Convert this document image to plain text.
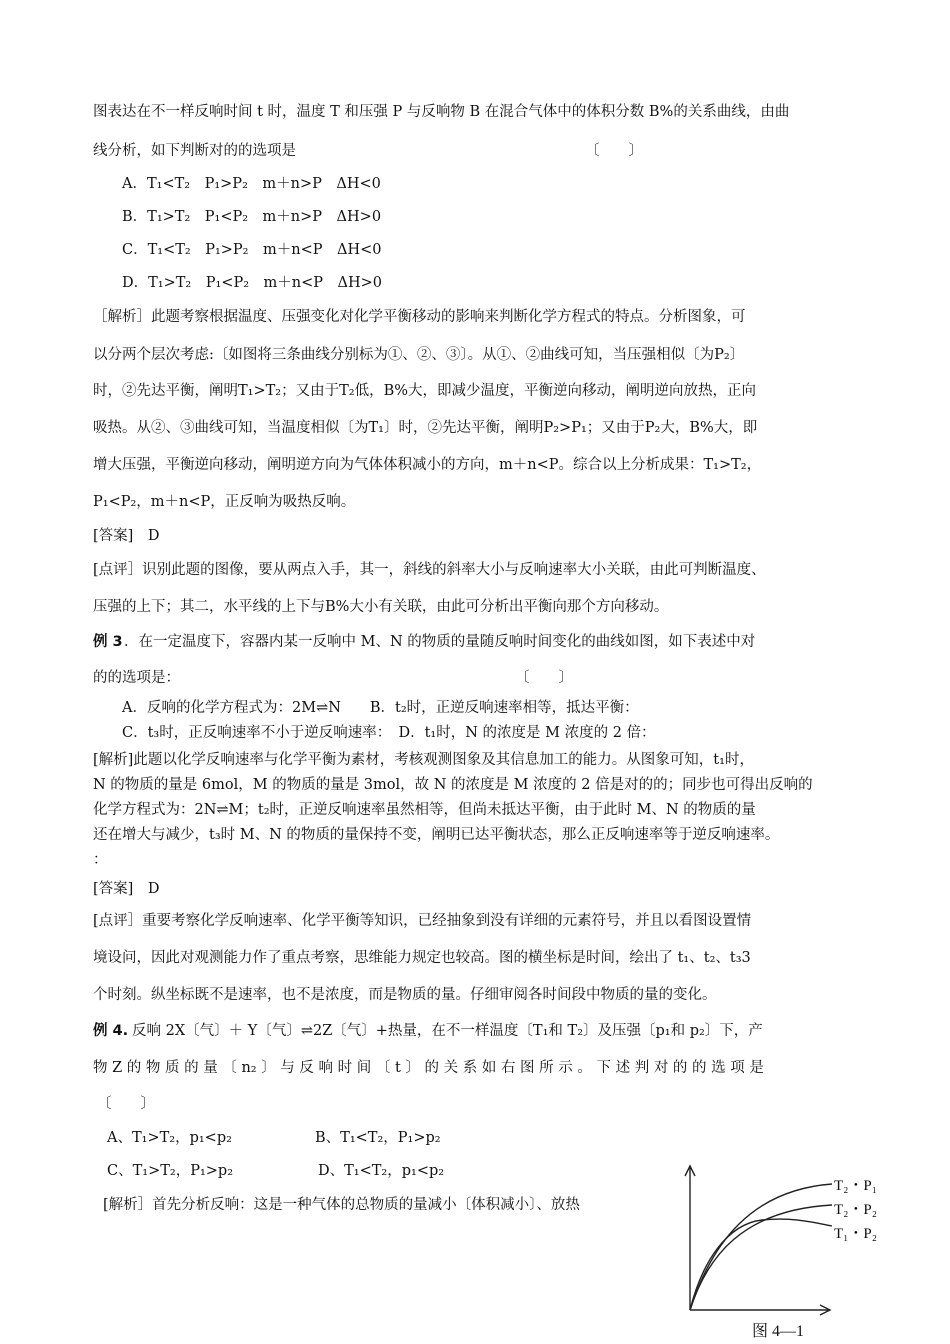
图表达在不一样反响时间 t 时，温度 T 和压强 P 与反响物 B 在混合气体中的体积分数 B%的关系曲线，由曲
线分析，如下判断对的的选项是	〔　　〕
A．T₁<T₂　P₁>P₂　m＋n>P　ΔH<0
B．T₁>T₂　P₁<P₂　m＋n>P　ΔH>0
C．T₁<T₂　P₁>P₂　m＋n<P　ΔH<0
D．T₁>T₂　P₁<P₂　m＋n<P　ΔH>0
［解析］此题考察根据温度、压强变化对化学平衡移动的影响来判断化学方程式的特点。分析图象，可
以分两个层次考虑:〔如图将三条曲线分别标为①、②、③〕。从①、②曲线可知，当压强相似〔为P₂〕
时，②先达平衡，阐明T₁>T₂；又由于T₂低，B%大，即减少温度，平衡逆向移动，阐明逆向放热，正向
吸热。从②、③曲线可知，当温度相似〔为T₁〕时，②先达平衡，阐明P₂>P₁；又由于P₂大，B%大，即
增大压强，平衡逆向移动，阐明逆方向为气体体积减小的方向，m＋n<P。综合以上分析成果：T₁>T₂，
P₁<P₂，m＋n<P，正反响为吸热反响。
[答案]　D
[点评］识别此题的图像，要从两点入手，其一，斜线的斜率大小与反响速率大小关联，由此可判断温度、
压强的上下；其二，水平线的上下与B%大小有关联，由此可分析出平衡向那个方向移动。
例 3 ．在一定温度下，容器内某一反响中 M、N 的物质的量随反响时间变化的曲线如图，如下表述中对
的的选项是：	〔　　〕
A．反响的化学方程式为：2M⇌N　　B．t₂时，正逆反响速率相等，抵达平衡：
C．t₃时，正反响速率不小于逆反响速率：　D．t₁时，N 的浓度是 M 浓度的 2 倍：
[解析]此题以化学反响速率与化学平衡为素材，考核观测图象及其信息加工的能力。从图象可知，t₁时，
N 的物质的量是 6mol，M 的物质的量是 3mol，故 N 的浓度是 M 浓度的 2 倍是对的的；同步也可得出反响的
化学方程式为：2N⇌M；t₂时，正逆反响速率虽然相等，但尚未抵达平衡，由于此时 M、N 的物质的量
还在增大与减少，t₃时 M、N 的物质的量保持不变，阐明已达平衡状态，那么正反响速率等于逆反响速率。
：
[答案]　D
[点评］重要考察化学反响速率、化学平衡等知识，已经抽象到没有详细的元素符号，并且以看图设置情
境设问，因此对观测能力作了重点考察，思维能力规定也较高。图的横坐标是时间，绘出了 t₁、t₂、t₃3
个时刻。纵坐标既不是速率，也不是浓度，而是物质的量。仔细审阅各时间段中物质的量的变化。
例 4. 反响 2X〔气〕＋ Y〔气〕⇌2Z〔气〕+热量，在不一样温度〔T₁和 T₂〕及压强〔p₁和 p₂〕下，产
物 Z 的 物 质 的 量 〔 n₂ 〕 与 反 响 时 间 〔 t 〕 的 关 系 如 右 图 所 示 。 下 述 判 对 的 的 选 项 是
〔　　〕
A、T₁>T₂，p₁<p₂	B、T₁<T₂，P₁>p₂
C、T₁>T₂，P₁>p₂	D、T₁<T₂，p₁<p₂
[解析］首先分析反响：这是一种气体的总物质的量减小〔体积减小〕、放热
T₂・P₁
T₂・P₂
T₁・P₂
图 4—1
